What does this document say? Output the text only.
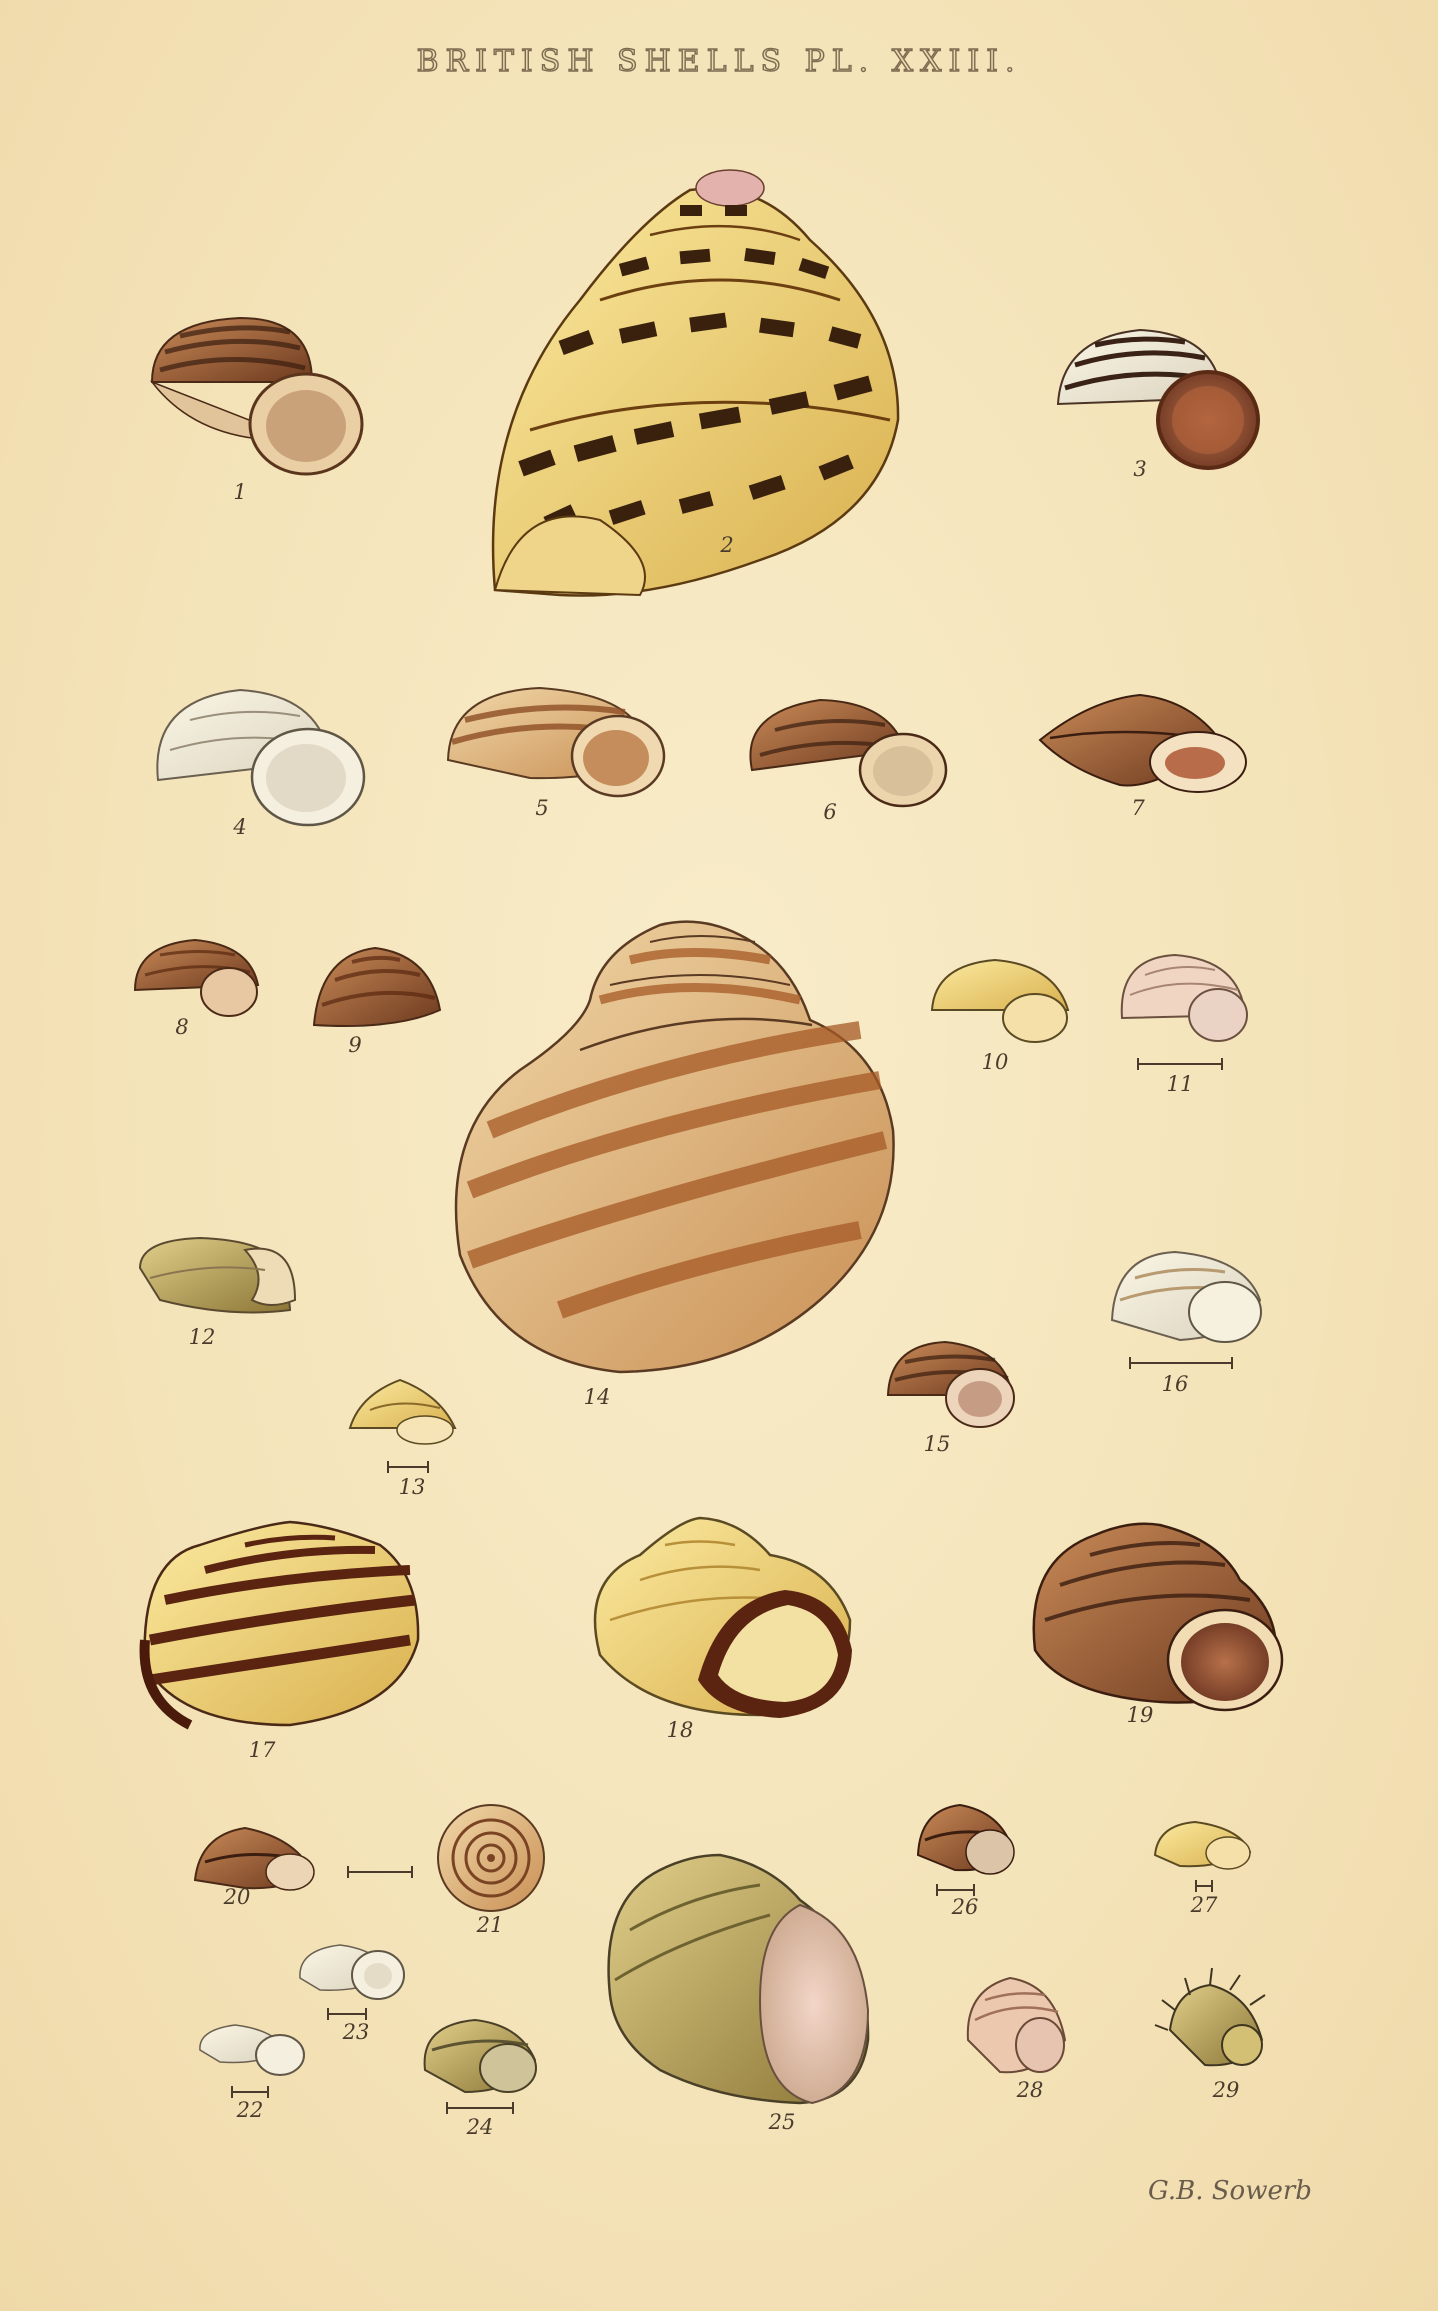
BRITISH SHELLS PL. XXIII.
1
2
3
4
5	6	7
8
9
10
11
12
13
14
15
16
17
18
19
20
21
22
23
24	25
26	27
28	29
G.B. Sowerb
